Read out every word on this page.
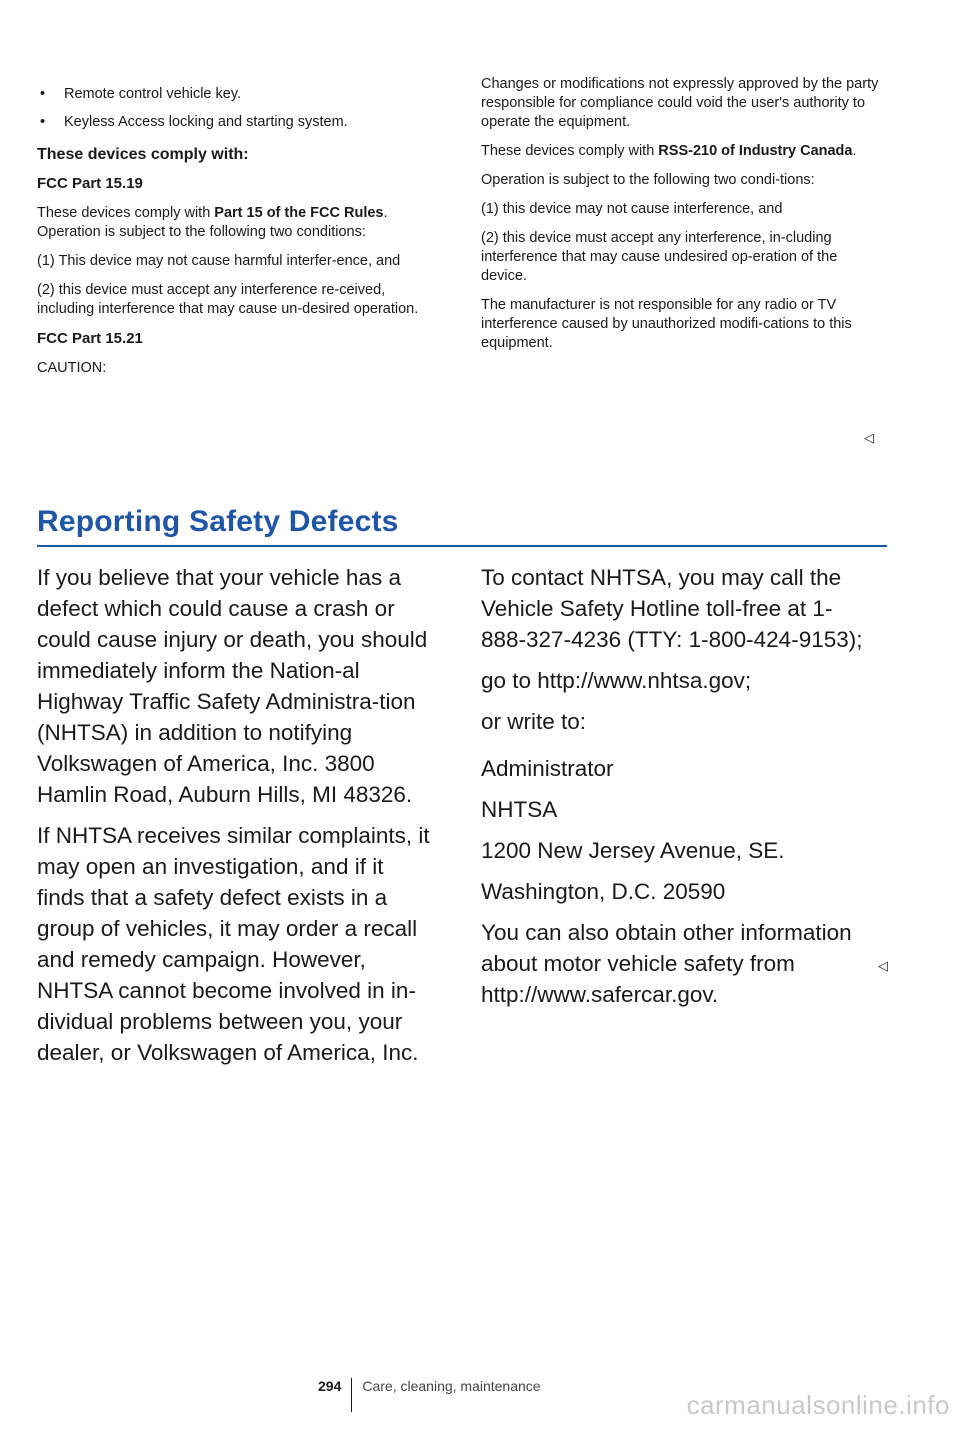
• Remote control vehicle key.
• Keyless Access locking and starting system.
These devices comply with:
FCC Part 15.19

These devices comply with Part 15 of the FCC Rules. Operation is subject to the following two conditions:

(1) This device may not cause harmful interfer-ence, and

(2) this device must accept any interference re-ceived, including interference that may cause un-desired operation.

FCC Part 15.21

CAUTION:

Changes or modifications not expressly approved by the party responsible for compliance could void the user's authority to operate the equipment.

These devices comply with RSS-210 of Industry Canada.

Operation is subject to the following two condi-tions:

(1) this device may not cause interference, and

(2) this device must accept any interference, in-cluding interference that may cause undesired op-eration of the device.

The manufacturer is not responsible for any radio or TV interference caused by unauthorized modifi-cations to this equipment.

◁
Reporting Safety Defects

If you believe that your vehicle has a defect which could cause a crash or could cause injury or death, you should immediately inform the Nation-al Highway Traffic Safety Administra-tion (NHTSA) in addition to notifying Volkswagen of America, Inc. 3800 Hamlin Road, Auburn Hills, MI 48326.

If NHTSA receives similar complaints, it may open an investigation, and if it finds that a safety defect exists in a group of vehicles, it may order a recall and remedy campaign. However, NHTSA cannot become involved in in-dividual problems between you, your dealer, or Volkswagen of America, Inc.

To contact NHTSA, you may call the Vehicle Safety Hotline toll-free at 1-888-327-4236 (TTY: 1-800-424-9153);

go to http://www.nhtsa.gov;

or write to:

Administrator

NHTSA

1200 New Jersey Avenue, SE.

Washington, D.C. 20590

You can also obtain other information about motor vehicle safety from http://www.safercar.gov.

◁
294 Care, cleaning, maintenance
carmanualsonline.info
